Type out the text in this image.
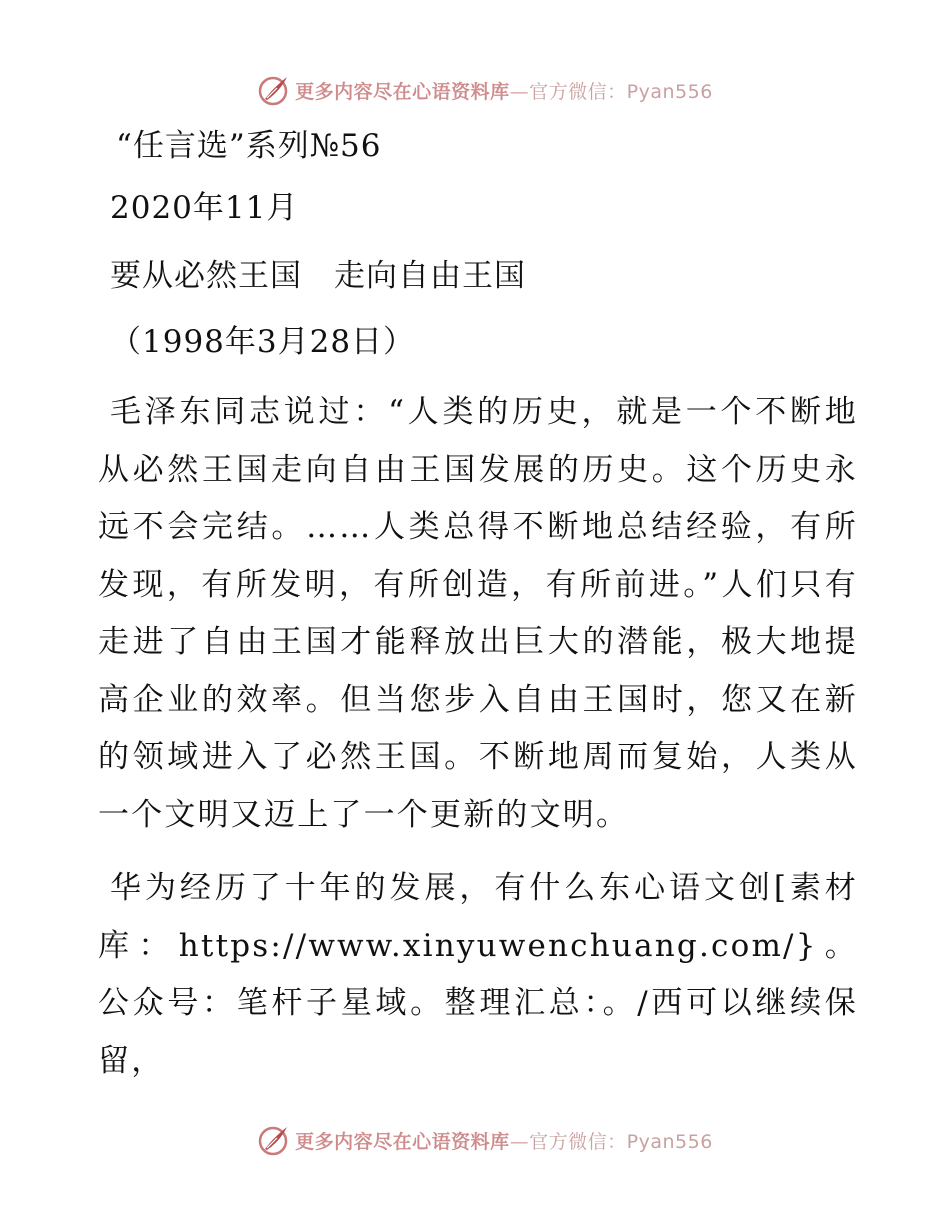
更多内容尽在心语资料库—官方微信：Pyan556

“任言选”系列№56

2020年11月

要从必然王国　走向自由王国

（1998年3月28日）

毛泽东同志说过：“人类的历史，就是一个不断地从必然王国走向自由王国发展的历史。这个历史永远不会完结。……人类总得不断地总结经验，有所发现，有所发明，有所创造，有所前进。”人们只有走进了自由王国才能释放出巨大的潜能，极大地提高企业的效率。但当您步入自由王国时，您又在新的领域进入了必然王国。不断地周而复始，人类从一个文明又迈上了一个更新的文明。

华为经历了十年的发展，有什么东心语文创[素材库：https://www.xinyuwenchuang.com/}。公众号：笔杆子星域。整理汇总：。/西可以继续保留，

更多内容尽在心语资料库—官方微信：Pyan556
